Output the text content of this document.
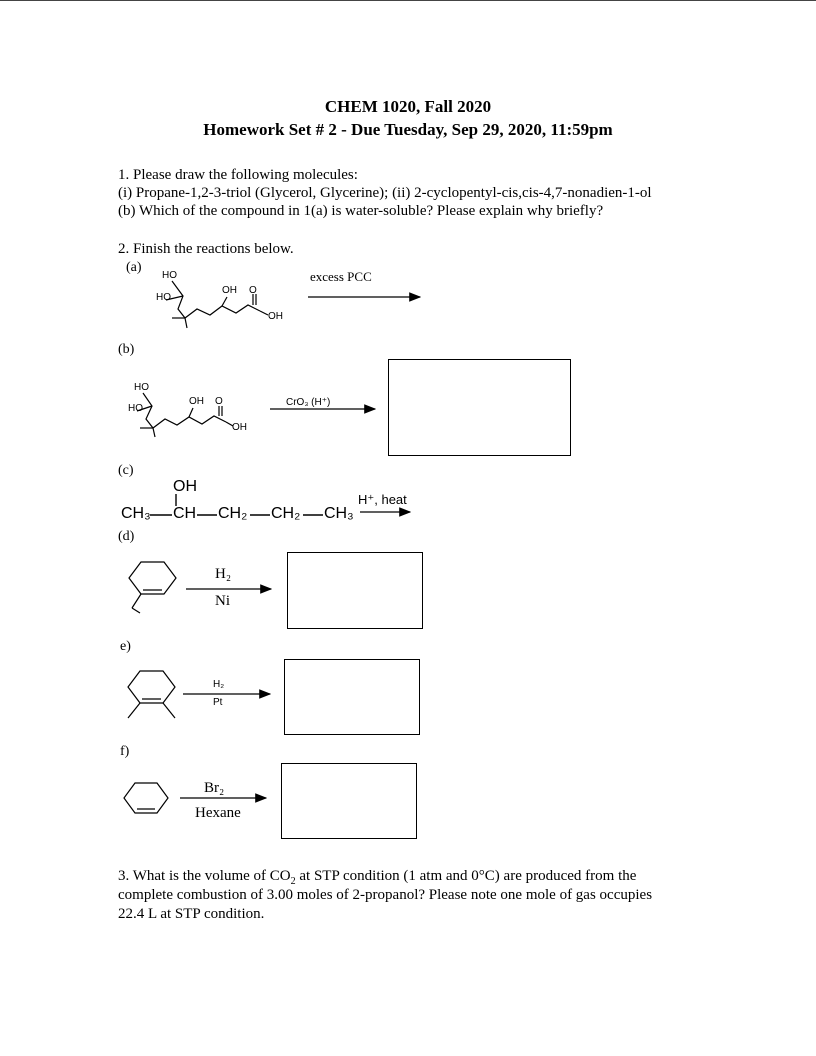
CHEM 1020, Fall 2020
Homework Set # 2 - Due Tuesday, Sep 29, 2020, 11:59pm
1. Please draw the following molecules:
(i) Propane-1,2-3-triol (Glycerol, Glycerine); (ii) 2-cyclopentyl-cis,cis-4,7-nonadien-1-ol
(b) Which of the compound in 1(a) is water-soluble? Please explain why briefly?
2. Finish the reactions below.
(a)
excess PCC
HO
HO
OH O
OH
(b)
CrO₃ (H⁺)
HO
HO
OH O
OH
(c)
OH
CH₃ CH CH₂ CH₂ CH₃
H⁺, heat
(d)
H₂
Ni
e)
H₂
Pt
f)
Br₂
Hexane
3. What is the volume of $CO_2$ at STP condition (1 atm and 0°C) are produced from the
complete combustion of 3.00 moles of 2-propanol? Please note one mole of gas occupies
22.4 L at STP condition.
